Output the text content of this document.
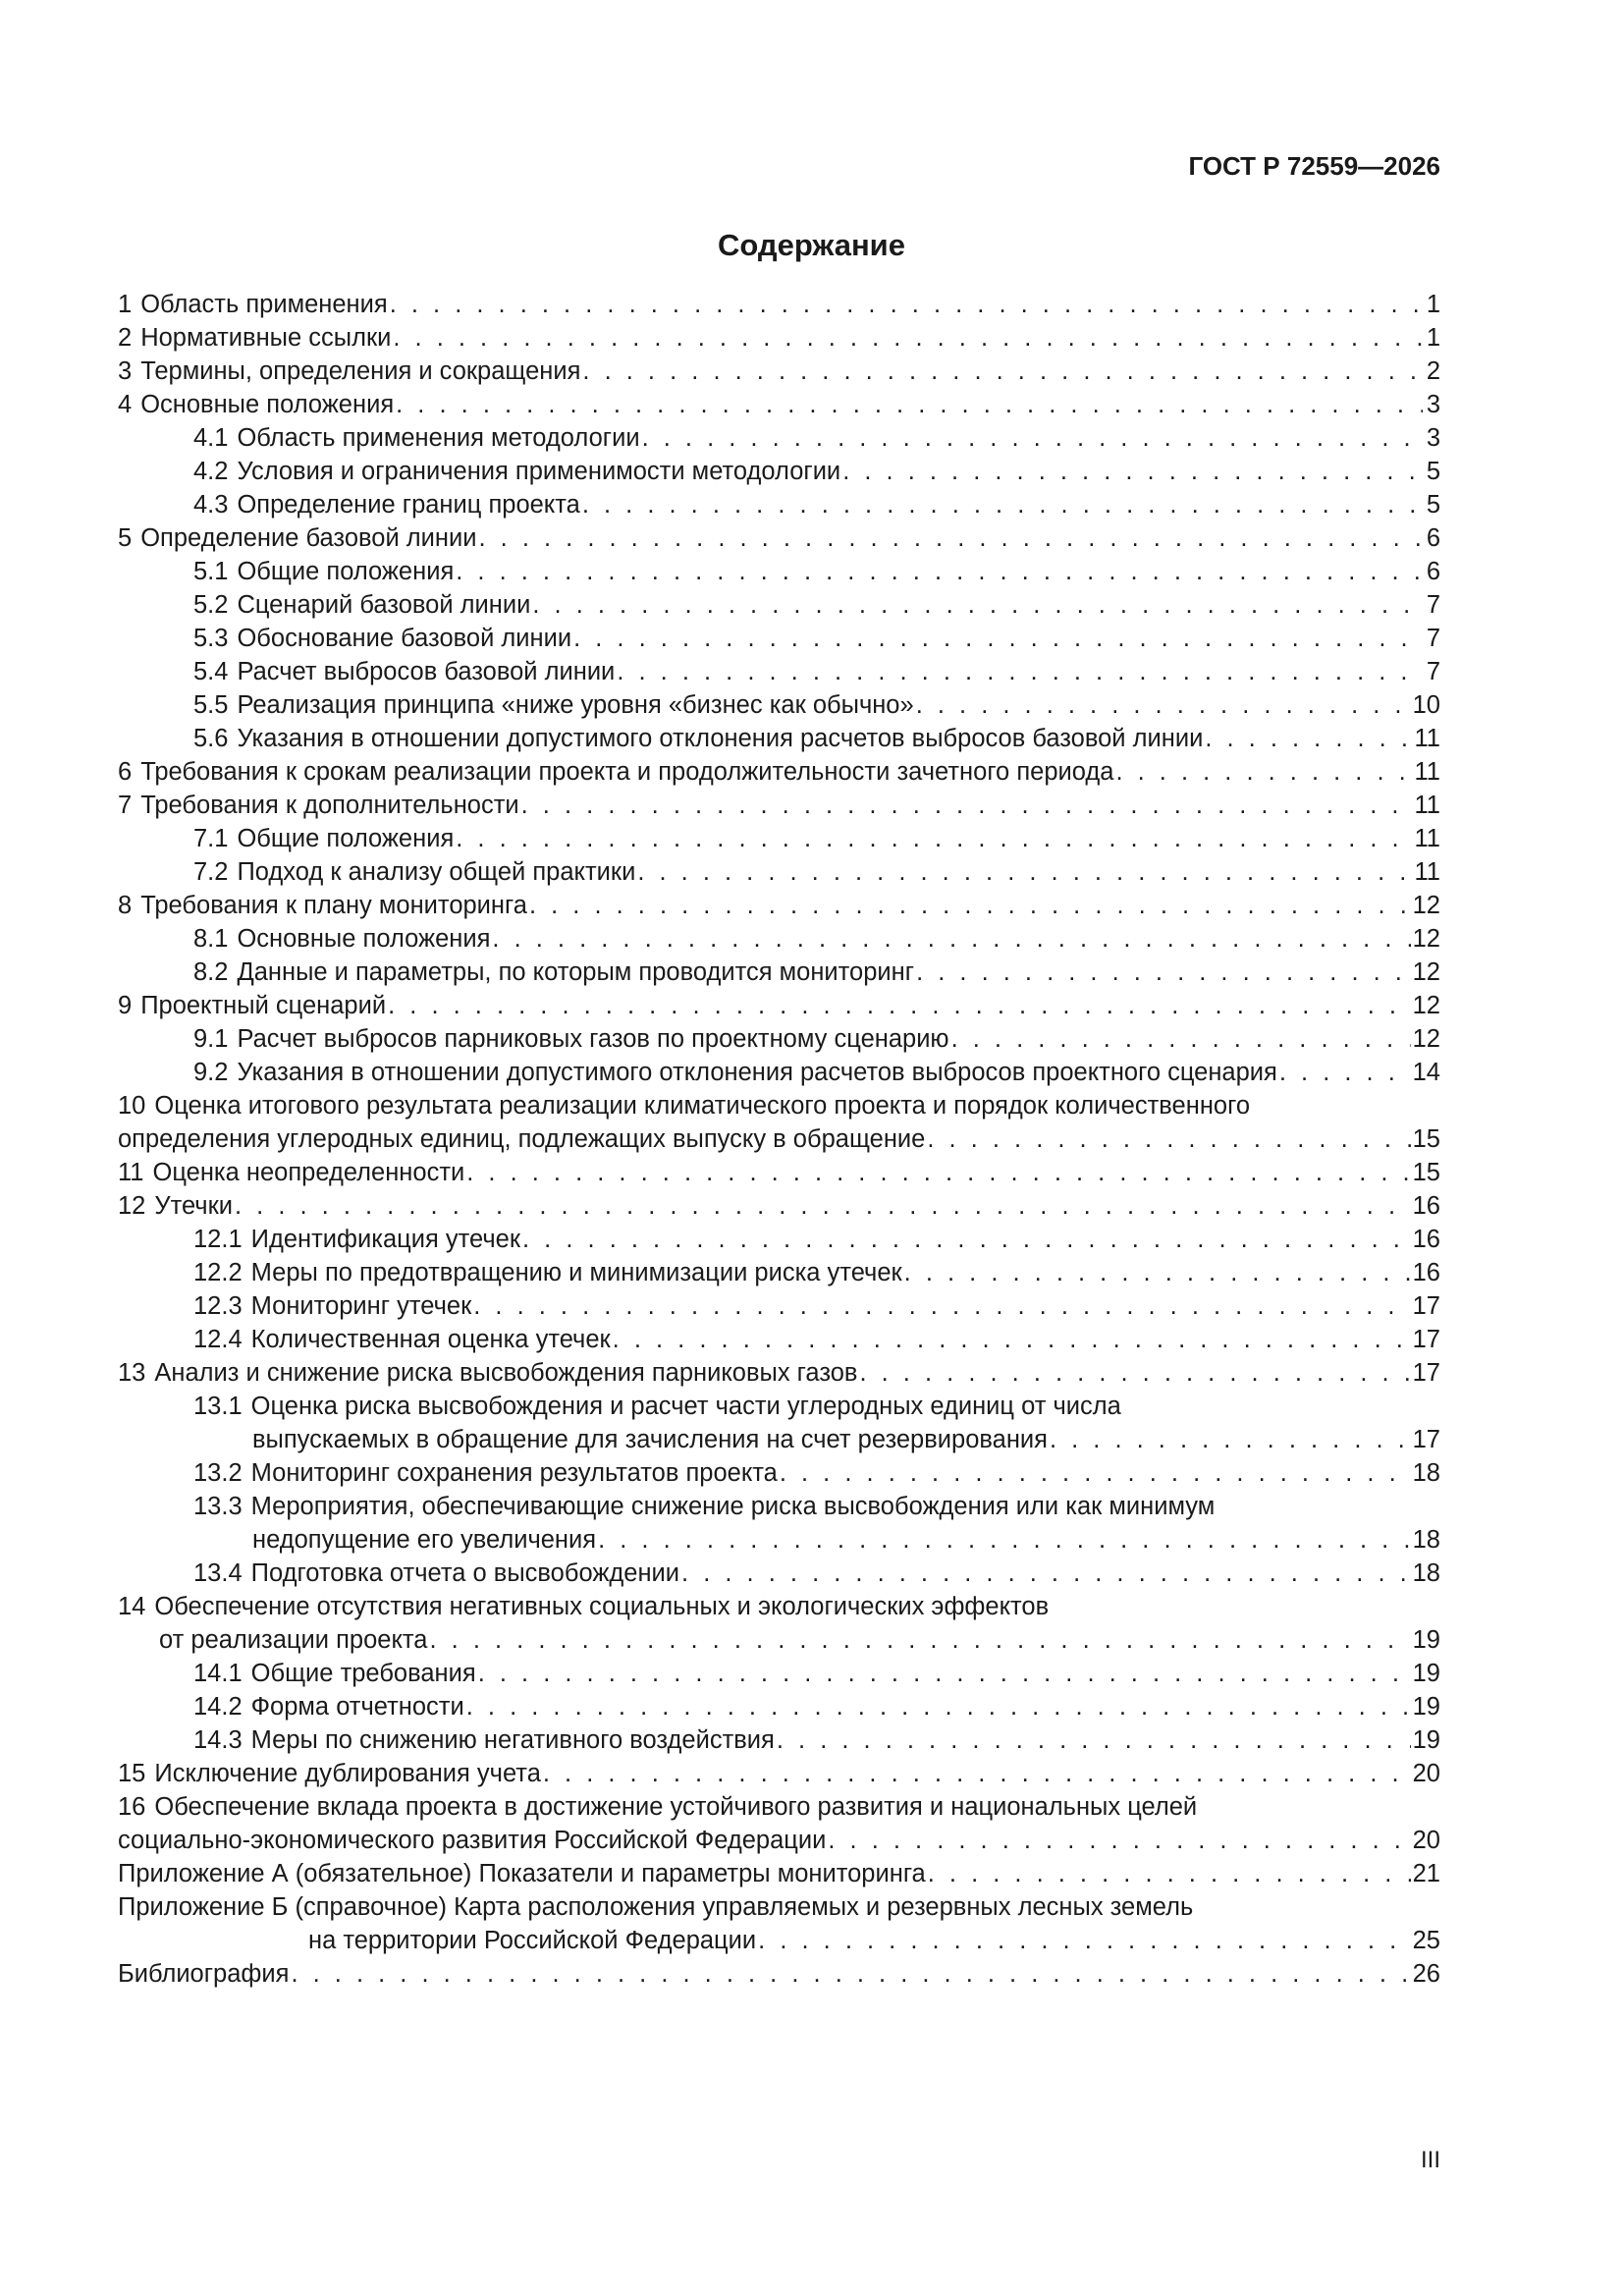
ГОСТ Р 72559—2026
Содержание
1 Область применения . . .	1
2 Нормативные ссылки . . .	1
3 Термины, определения и сокращения . . .	2
4 Основные положения . . .	3
4.1 Область применения методологии . . .	3
4.2 Условия и ограничения применимости методологии . . .	5
4.3 Определение границ проекта . . .	5
5 Определение базовой линии . . .	6
5.1 Общие положения . . .	6
5.2 Сценарий базовой линии . . .	7
5.3 Обоснование базовой линии . . .	7
5.4 Расчет выбросов базовой линии . . .	7
5.5 Реализация принципа «ниже уровня «бизнес как обычно» . . .	10
5.6 Указания в отношении допустимого отклонения расчетов выбросов базовой линии . . .	11
6 Требования к срокам реализации проекта и продолжительности зачетного периода . . .	11
7 Требования к дополнительности . . .	11
7.1 Общие положения . . .	11
7.2 Подход к анализу общей практики . . .	11
8 Требования к плану мониторинга . . .	12
8.1 Основные положения . . .	12
8.2 Данные и параметры, по которым проводится мониторинг . . .	12
9 Проектный сценарий . . .	12
9.1 Расчет выбросов парниковых газов по проектному сценарию . . .	12
9.2 Указания в отношении допустимого отклонения расчетов выбросов проектного сценария . . .	14
10 Оценка итогового результата реализации климатического проекта и порядок количественного
определения углеродных единиц, подлежащих выпуску в обращение . . .	15
11 Оценка неопределенности . . .	15
12 Утечки . . .	16
12.1 Идентификация утечек . . .	16
12.2 Меры по предотвращению и минимизации риска утечек . . .	16
12.3 Мониторинг утечек . . .	17
12.4 Количественная оценка утечек . . .	17
13 Анализ и снижение риска высвобождения парниковых газов . . .	17
13.1 Оценка риска высвобождения и расчет части углеродных единиц от числа
выпускаемых в обращение для зачисления на счет резервирования . . .	17
13.2 Мониторинг сохранения результатов проекта . . .	18
13.3 Мероприятия, обеспечивающие снижение риска высвобождения или как минимум
недопущение его увеличения . . .	18
13.4 Подготовка отчета о высвобождении . . .	18
14 Обеспечение отсутствия негативных социальных и экологических эффектов
от реализации проекта . . .	19
14.1 Общие требования . . .	19
14.2 Форма отчетности . . .	19
14.3 Меры по снижению негативного воздействия . . .	19
15 Исключение дублирования учета . . .	20
16 Обеспечение вклада проекта в достижение устойчивого развития и национальных целей
социально-экономического развития Российской Федерации . . .	20
Приложение А (обязательное) Показатели и параметры мониторинга . . .	21
Приложение Б (справочное) Карта расположения управляемых и резервных лесных земель
на территории Российской Федерации . . .	25
Библиография . . .	26
III
